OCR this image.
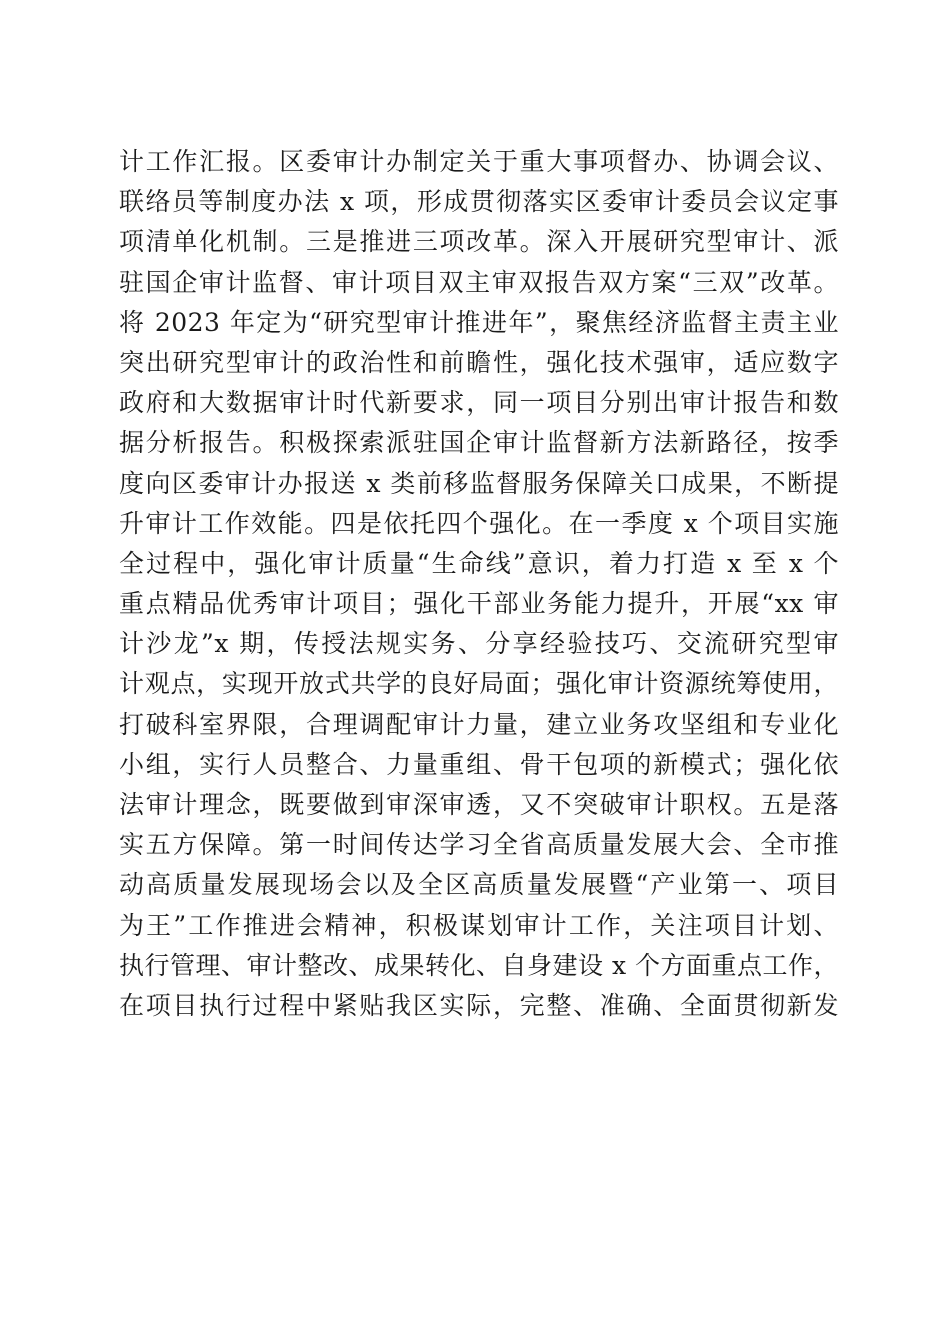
计工作汇报。区委审计办制定关于重大事项督办、协调会议、
联络员等制度办法 x 项，形成贯彻落实区委审计委员会议定事
项清单化机制。三是推进三项改革。深入开展研究型审计、派
驻国企审计监督、审计项目双主审双报告双方案“三双”改革。
将 2023 年定为“研究型审计推进年”，聚焦经济监督主责主业
突出研究型审计的政治性和前瞻性，强化技术强审，适应数字
政府和大数据审计时代新要求，同一项目分别出审计报告和数
据分析报告。积极探索派驻国企审计监督新方法新路径，按季
度向区委审计办报送 x 类前移监督服务保障关口成果，不断提
升审计工作效能。四是依托四个强化。在一季度 x 个项目实施
全过程中，强化审计质量“生命线”意识，着力打造 x 至 x 个
重点精品优秀审计项目；强化干部业务能力提升，开展“xx 审
计沙龙”x 期，传授法规实务、分享经验技巧、交流研究型审
计观点，实现开放式共学的良好局面；强化审计资源统筹使用，
打破科室界限，合理调配审计力量，建立业务攻坚组和专业化
小组，实行人员整合、力量重组、骨干包项的新模式；强化依
法审计理念，既要做到审深审透，又不突破审计职权。五是落
实五方保障。第一时间传达学习全省高质量发展大会、全市推
动高质量发展现场会以及全区高质量发展暨“产业第一、项目
为王”工作推进会精神，积极谋划审计工作，关注项目计划、
执行管理、审计整改、成果转化、自身建设 x 个方面重点工作，
在项目执行过程中紧贴我区实际，完整、准确、全面贯彻新发
